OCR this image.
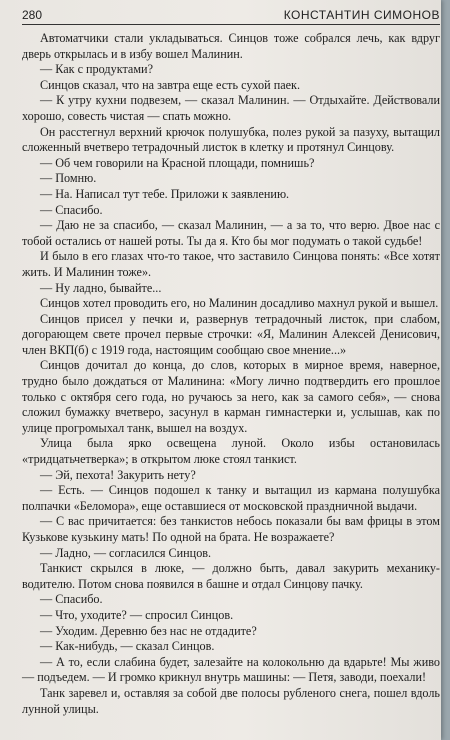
280	КОНСТАНТИН СИМОНОВ

Автоматчики стали укладываться. Синцов тоже собрался лечь, как вдруг дверь открылась и в избу вошел Малинин.

— Как с продуктами?

Синцов сказал, что на завтра еще есть сухой паек.

— К утру кухни подвезем, — сказал Малинин. — Отдыхайте. Действовали хорошо, совесть чистая — спать можно.

Он расстегнул верхний крючок полушубка, полез рукой за пазуху, вытащил сложенный вчетверо тетрадочный листок в клетку и протянул Синцову.

— Об чем говорили на Красной площади, помнишь?

— Помню.

— На. Написал тут тебе. Приложи к заявлению.

— Спасибо.

— Даю не за спасибо, — сказал Малинин, — а за то, что верю. Двое нас с тобой остались от нашей роты. Ты да я. Кто бы мог подумать о такой судьбе!

И было в его глазах что-то такое, что заставило Синцова понять: «Все хотят жить. И Малинин тоже».

— Ну ладно, бывайте...

Синцов хотел проводить его, но Малинин досадливо махнул рукой и вышел.

Синцов присел у печки и, развернув тетрадочный листок, при слабом, догорающем свете прочел первые строчки: «Я, Малинин Алексей Денисович, член ВКП(б) с 1919 года, настоящим сообщаю свое мнение...»

Синцов дочитал до конца, до слов, которых в мирное время, наверное, трудно было дождаться от Малинина: «Могу лично подтвердить его прошлое только с октября сего года, но ручаюсь за него, как за самого себя», — снова сложил бумажку вчетверо, засунул в карман гимнастерки и, услышав, как по улице прогромыхал танк, вышел на воздух.

Улица была ярко освещена луной. Около избы остановилась «тридцатьчетверка»; в открытом люке стоял танкист.

— Эй, пехота! Закурить нету?

— Есть. — Синцов подошел к танку и вытащил из кармана полушубка полпачки «Беломора», еще оставшиеся от московской праздничной выдачи.

— С вас причитается: без танкистов небось показали бы вам фрицы в этом Кузькове кузькину мать! По одной на брата. Не возражаете?

— Ладно, — согласился Синцов.

Танкист скрылся в люке, — должно быть, давал закурить механику-водителю. Потом снова появился в башне и отдал Синцову пачку.

— Спасибо.

— Что, уходите? — спросил Синцов.

— Уходим. Деревню без нас не отдадите?

— Как-нибудь, — сказал Синцов.

— А то, если слабина будет, залезайте на колокольню да вдарьте! Мы живо — подъедем. — И громко крикнул внутрь машины: — Петя, заводи, поехали!

Танк заревел и, оставляя за собой две полосы рубленого снега, пошел вдоль лунной улицы.
